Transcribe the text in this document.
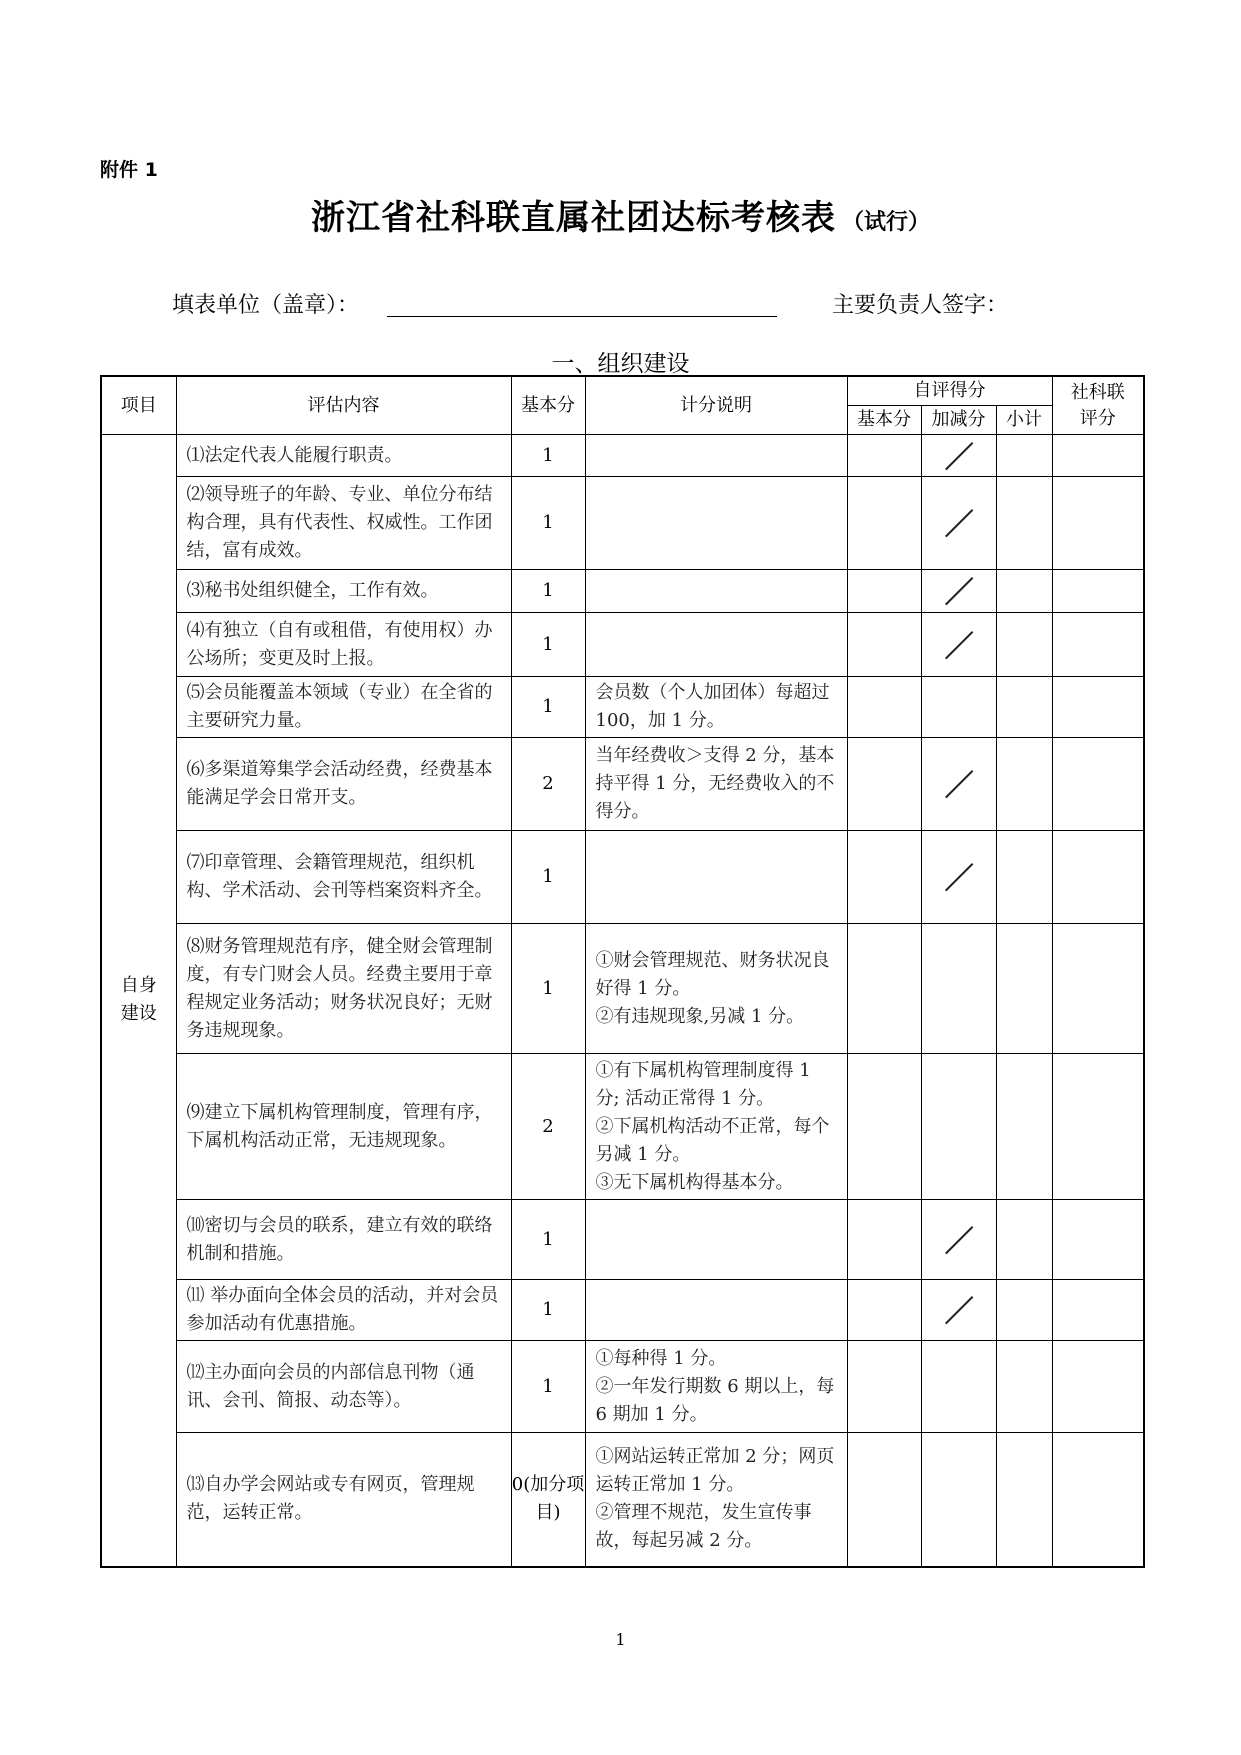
附件 1
浙江省社科联直属社团达标考核表 （试行）
填表单位（盖章）：	主要负责人签字：
一、组织建设
项目	评估内容	基本分	计分说明	自评得分			社科联
评分
				基本分	加减分	小计	
自身
建设	⑴法定代表人能履行职责。	1			

	⑵领导班子的年龄、专业、单位分布结构合理，具有代表性、权威性。工作团结，富有成效。	1			

	⑶秘书处组织健全，工作有效。	1			

	⑷有独立（自有或租借，有使用权）办公场所；变更及时上报。	1			

	⑸会员能覆盖本领域（专业）在全省的主要研究力量。	1	会员数（个人加团体）每超过 100，加 1 分。				
	⑹多渠道筹集学会活动经费，经费基本能满足学会日常开支。	2	当年经费收＞支得 2 分，基本持平得 1 分，无经费收入的不得分。		

	⑺印章管理、会籍管理规范，组织机构、学术活动、会刊等档案资料齐全。	1			

	⑻财务管理规范有序，健全财会管理制度，有专门财会人员。经费主要用于章程规定业务活动；财务状况良好；无财务违规现象。	1	①财会管理规范、财务状况良好得 1 分。
②有违规现象,另减 1 分。				
	⑼建立下属机构管理制度，管理有序，下属机构活动正常，无违规现象。	2	①有下属机构管理制度得 1 分; 活动正常得 1 分。
②下属机构活动不正常，每个另减 1 分。
③无下属机构得基本分。				
	⑽密切与会员的联系，建立有效的联络机制和措施。	1			

	⑾ 举办面向全体会员的活动，并对会员参加活动有优惠措施。	1			

	⑿主办面向会员的内部信息刊物（通讯、会刊、简报、动态等）。	1	①每种得 1 分。
②一年发行期数 6 期以上，每 6 期加 1 分。				
	⒀自办学会网站或专有网页，管理规范，运转正常。	0(加分项目)	①网站运转正常加 2 分；网页运转正常加 1 分。
②管理不规范，发生宣传事故，每起另减 2 分。				
1
